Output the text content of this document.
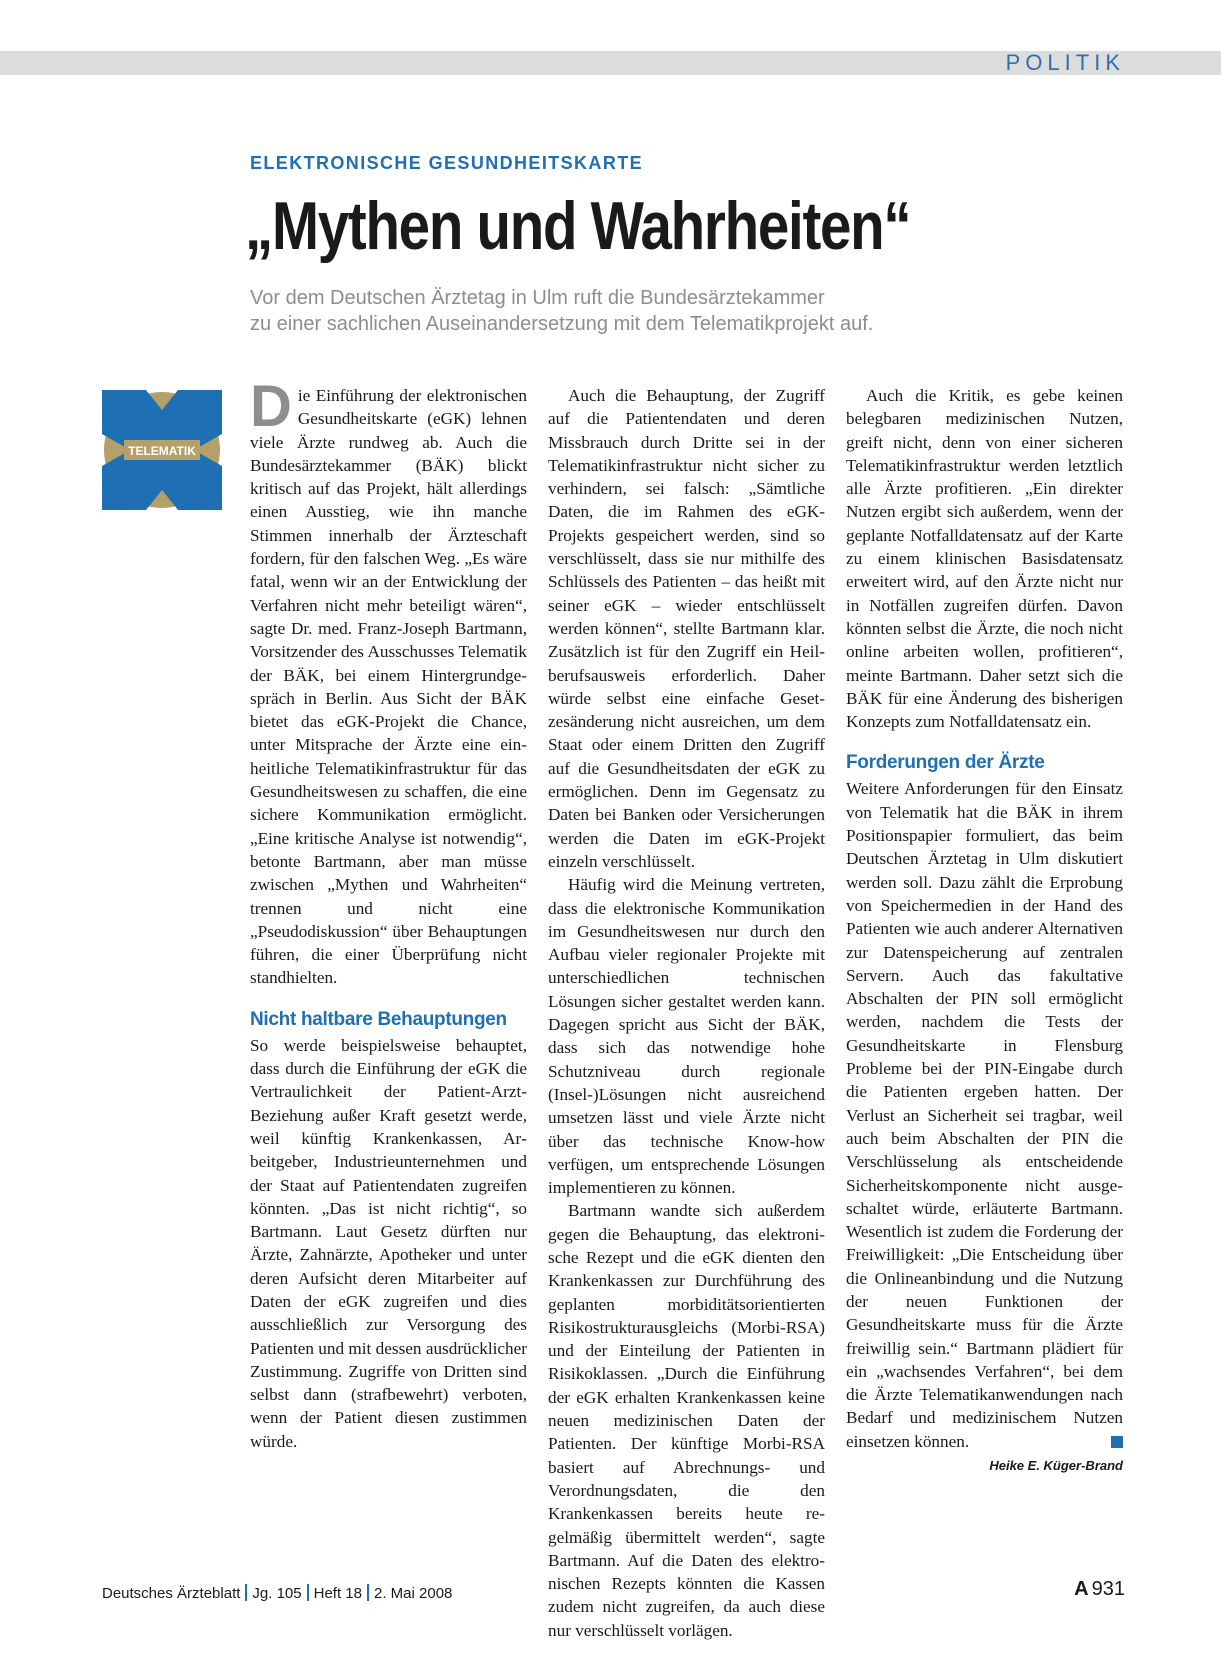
POLITIK
ELEKTRONISCHE GESUNDHEITSKARTE
„Mythen und Wahrheiten“
Vor dem Deutschen Ärztetag in Ulm ruft die Bundesärztekammer
zu einer sachlichen Auseinandersetzung mit dem Telematikprojekt auf.
TELEMATIK

Die Einführung der elektronischen Gesundheitskarte (eGK) lehnen viele Ärzte rundweg ab. Auch die Bundesärztekammer (BÄK) blickt kritisch auf das Projekt, hält allerdings einen Ausstieg, wie ihn manche Stimmen innerhalb der Ärzteschaft fordern, für den falschen Weg. „Es wäre fatal, wenn wir an der Entwicklung der Verfahren nicht mehr beteiligt wären“, sagte Dr. med. Franz-Joseph Bartmann, Vorsitzender des Ausschusses Telematik der BÄK, bei einem Hintergrundgespräch in Berlin. Aus Sicht der BÄK bietet das eGK-Projekt die Chance, unter Mitsprache der Ärzte eine einheitliche Telematikinfrastruktur für das Gesundheitswesen zu schaffen, die eine sichere Kommunikation ermöglicht. „Eine kritische Analyse ist notwendig“, betonte Bartmann, aber man müsse zwischen „Mythen und Wahrheiten“ trennen und nicht eine „Pseudodiskussion“ über Behauptungen führen, die einer Überprüfung nicht standhielten.

Nicht haltbare Behauptungen

So werde beispielsweise behauptet, dass durch die Einführung der eGK die Vertraulichkeit der Patient-Arzt-Beziehung außer Kraft gesetzt werde, weil künftig Krankenkassen, Arbeitgeber, Industrieunternehmen und der Staat auf Patientendaten zugreifen könnten. „Das ist nicht richtig“, so Bartmann. Laut Gesetz dürften nur Ärzte, Zahnärzte, Apotheker und unter deren Aufsicht deren Mitarbeiter auf Daten der eGK zugreifen und dies ausschließlich zur Versorgung des Patienten und mit dessen ausdrücklicher Zustimmung. Zugriffe von Dritten sind selbst dann (strafbewehrt) verboten, wenn der Patient diesen zustimmen würde.

Auch die Behauptung, der Zugriff auf die Patientendaten und deren Missbrauch durch Dritte sei in der Telematikinfrastruktur nicht sicher zu verhindern, sei falsch: „Sämtliche Daten, die im Rahmen des eGK-Projekts gespeichert werden, sind so verschlüsselt, dass sie nur mithilfe des Schlüssels des Patienten – das heißt mit seiner eGK – wieder entschlüsselt werden können“, stellte Bartmann klar. Zusätzlich ist für den Zugriff ein Heilberufsausweis erforderlich. Daher würde selbst eine einfache Gesetzesänderung nicht ausreichen, um dem Staat oder einem Dritten den Zugriff auf die Gesundheitsdaten der eGK zu ermöglichen. Denn im Gegensatz zu Daten bei Banken oder Versicherungen werden die Daten im eGK-Projekt einzeln verschlüsselt.

Häufig wird die Meinung vertreten, dass die elektronische Kommunikation im Gesundheitswesen nur durch den Aufbau vieler regionaler Projekte mit unterschiedlichen technischen Lösungen sicher gestaltet werden kann. Dagegen spricht aus Sicht der BÄK, dass sich das notwendige hohe Schutzniveau durch regionale (Insel-)Lösungen nicht ausreichend umsetzen lässt und viele Ärzte nicht über das technische Know-how verfügen, um entsprechende Lösungen implementieren zu können.

Bartmann wandte sich außerdem gegen die Behauptung, das elektronische Rezept und die eGK dienten den Krankenkassen zur Durchführung des geplanten morbiditätsorientierten Risikostrukturausgleichs (Morbi-RSA) und der Einteilung der Patienten in Risikoklassen. „Durch die Einführung der eGK erhalten Krankenkassen keine neuen medizinischen Daten der Patienten. Der künftige Morbi-RSA basiert auf Abrechnungs- und Verordnungsdaten, die den Krankenkassen bereits heute regelmäßig übermittelt werden“, sagte Bartmann. Auf die Daten des elektronischen Rezepts könnten die Kassen zudem nicht zugreifen, da auch diese nur verschlüsselt vorlägen.

Auch die Kritik, es gebe keinen belegbaren medizinischen Nutzen, greift nicht, denn von einer sicheren Telematikinfrastruktur werden letztlich alle Ärzte profitieren. „Ein direkter Nutzen ergibt sich außerdem, wenn der geplante Notfalldatensatz auf der Karte zu einem klinischen Basisdatensatz erweitert wird, auf den Ärzte nicht nur in Notfällen zugreifen dürfen. Davon könnten selbst die Ärzte, die noch nicht online arbeiten wollen, profitieren“, meinte Bartmann. Daher setzt sich die BÄK für eine Änderung des bisherigen Konzepts zum Notfalldatensatz ein.

Forderungen der Ärzte

Weitere Anforderungen für den Einsatz von Telematik hat die BÄK in ihrem Positionspapier formuliert, das beim Deutschen Ärztetag in Ulm diskutiert werden soll. Dazu zählt die Erprobung von Speichermedien in der Hand des Patienten wie auch anderer Alternativen zur Datenspeicherung auf zentralen Servern. Auch das fakultative Abschalten der PIN soll ermöglicht werden, nachdem die Tests der Gesundheitskarte in Flensburg Probleme bei der PIN-Eingabe durch die Patienten ergeben hatten. Der Verlust an Sicherheit sei tragbar, weil auch beim Abschalten der PIN die Verschlüsselung als entscheidende Sicherheitskomponente nicht ausgeschaltet würde, erläuterte Bartmann. Wesentlich ist zudem die Forderung der Freiwilligkeit: „Die Entscheidung über die Onlineanbindung und die Nutzung der neuen Funktionen der Gesundheitskarte muss für die Ärzte freiwillig sein.“ Bartmann plädiert für ein „wachsendes Verfahren“, bei dem die Ärzte Telematikanwendungen nach Bedarf und medizinischem Nutzen einsetzen können.

Heike E. Küger-Brand
Deutsches Ärzteblatt Jg. 105 Heft 18 2. Mai 2008	A 931
